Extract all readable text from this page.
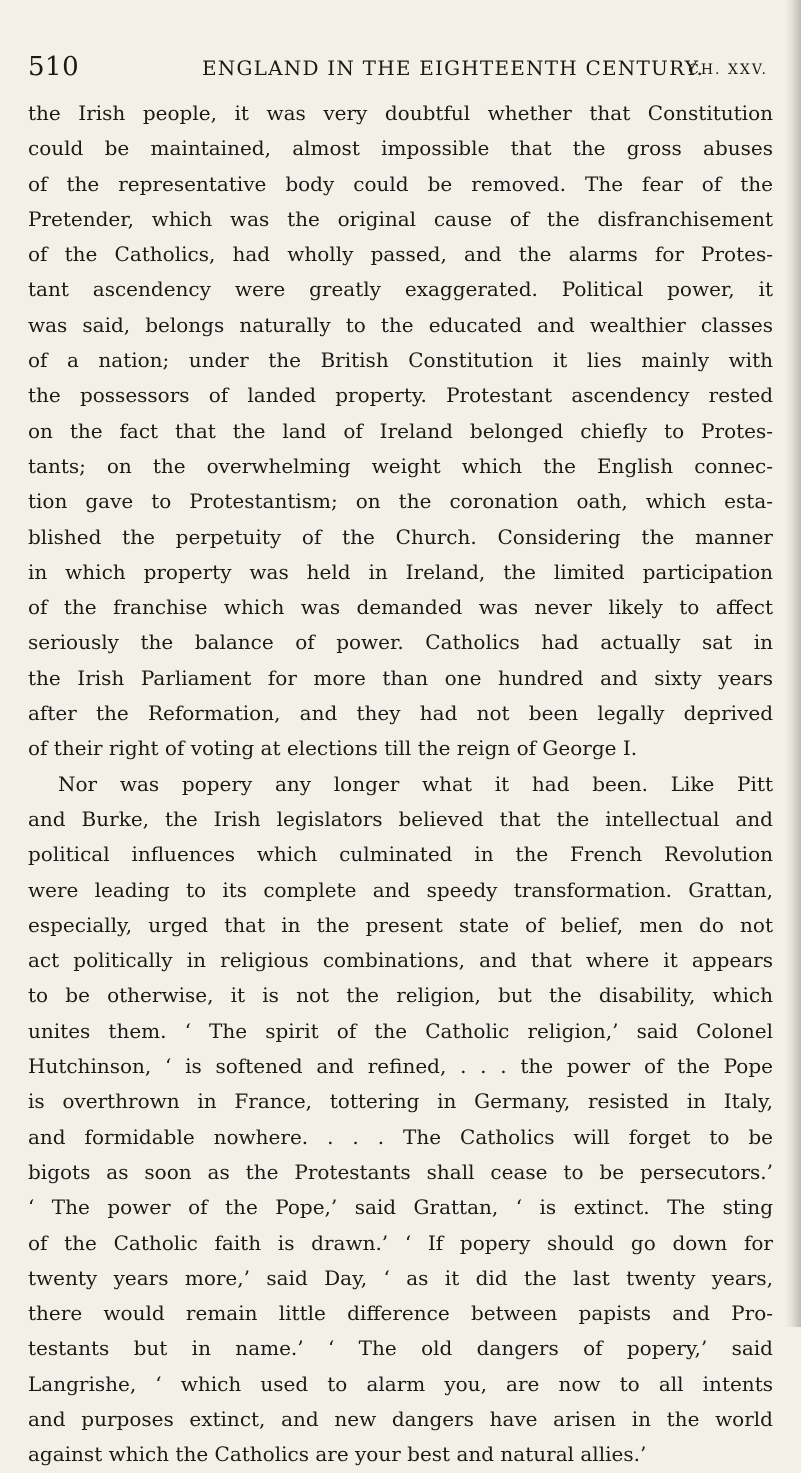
510	ENGLAND IN THE EIGHTEENTH CENTURY.
CH. XXV.
the Irish people, it was very doubtful whether that Constitution
could be maintained, almost impossible that the gross abuses
of the representative body could be removed. The fear of the
Pretender, which was the original cause of the disfranchisement
of the Catholics, had wholly passed, and the alarms for Protes-
tant ascendency were greatly exaggerated. Political power, it
was said, belongs naturally to the educated and wealthier classes
of a nation; under the British Constitution it lies mainly with
the possessors of landed property. Protestant ascendency rested
on the fact that the land of Ireland belonged chiefly to Protes-
tants; on the overwhelming weight which the English connec-
tion gave to Protestantism; on the coronation oath, which esta-
blished the perpetuity of the Church. Considering the manner
in which property was held in Ireland, the limited participation
of the franchise which was demanded was never likely to affect
seriously the balance of power. Catholics had actually sat in
the Irish Parliament for more than one hundred and sixty years
after the Reformation, and they had not been legally deprived
of their right of voting at elections till the reign of George I.
Nor was popery any longer what it had been. Like Pitt
and Burke, the Irish legislators believed that the intellectual and
political influences which culminated in the French Revolution
were leading to its complete and speedy transformation. Grattan,
especially, urged that in the present state of belief, men do not
act politically in religious combinations, and that where it appears
to be otherwise, it is not the religion, but the disability, which
unites them. ‘ The spirit of the Catholic religion,’ said Colonel
Hutchinson, ‘ is softened and refined, . . . the power of the Pope
is overthrown in France, tottering in Germany, resisted in Italy,
and formidable nowhere. . . . The Catholics will forget to be
bigots as soon as the Protestants shall cease to be persecutors.’
‘ The power of the Pope,’ said Grattan, ‘ is extinct. The sting
of the Catholic faith is drawn.’ ‘ If popery should go down for
twenty years more,’ said Day, ‘ as it did the last twenty years,
there would remain little difference between papists and Pro-
testants but in name.’ ‘ The old dangers of popery,’ said
Langrishe, ‘ which used to alarm you, are now to all intents
and purposes extinct, and new dangers have arisen in the world
against which the Catholics are your best and natural allies.’
